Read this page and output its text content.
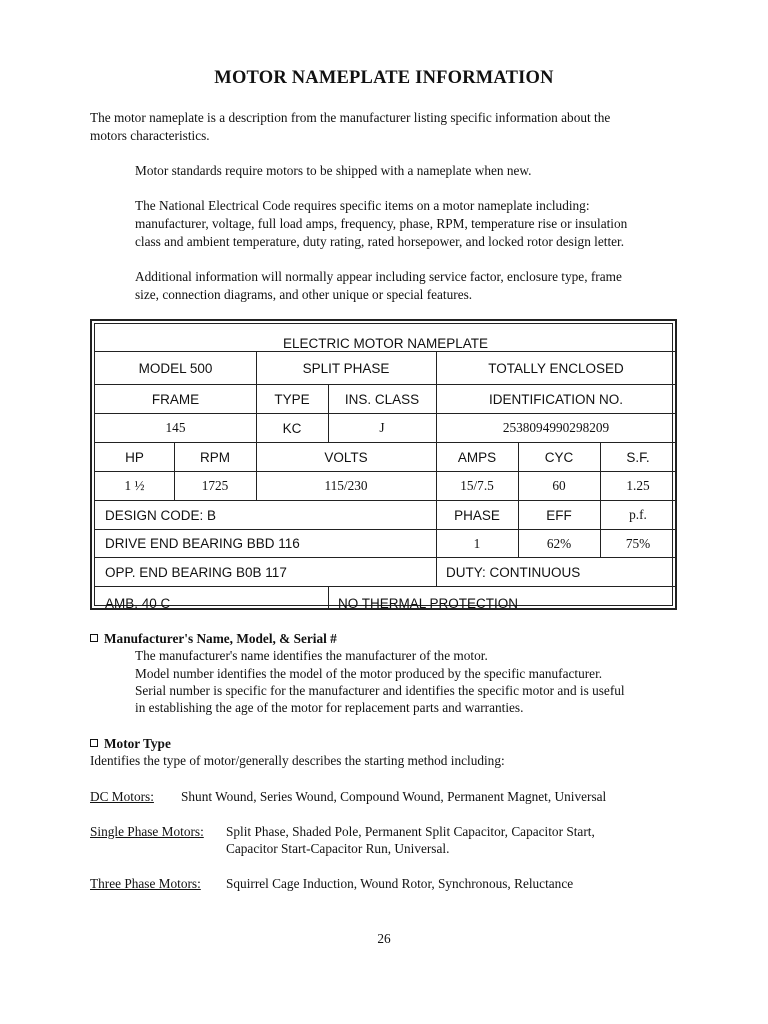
MOTOR NAMEPLATE INFORMATION

The motor nameplate is a description from the manufacturer listing specific information about the

motors characteristics.

Motor standards require motors to be shipped with a nameplate when new.

The National Electrical Code requires specific items on a motor nameplate including:

manufacturer, voltage, full load amps, frequency, phase, RPM, temperature rise or insulation

class and ambient temperature, duty rating, rated horsepower, and locked rotor design letter.

Additional information will normally appear including service factor, enclosure type, frame

size, connection diagrams, and other unique or special features.

ELECTRIC MOTOR NAMEPLATE
MODEL 500	SPLIT PHASE	TOTALLY ENCLOSED
FRAME	TYPE	INS. CLASS	IDENTIFICATION NO.
145	KC	J	2538094990298209
HP	RPM	VOLTS	AMPS	CYC	S.F.
1 ½	1725	115/230	15/7.5	60	1.25
DESIGN CODE: B	PHASE	EFF	p.f.
DRIVE END BEARING BBD 116	1	62%	75%
OPP. END BEARING B0B 117	DUTY: CONTINUOUS
AMB. 40 C	NO THERMAL PROTECTION

Manufacturer's Name, Model, & Serial #

The manufacturer's name identifies the manufacturer of the motor.

Model number identifies the model of the motor produced by the specific manufacturer.

Serial number is specific for the manufacturer and identifies the specific motor and is useful

in establishing the age of the motor for replacement parts and warranties.

Motor Type

Identifies the type of motor/generally describes the starting method including:

DC Motors: Shunt Wound, Series Wound, Compound Wound, Permanent Magnet, Universal

Single Phase Motors: Split Phase, Shaded Pole, Permanent Split Capacitor, Capacitor Start,

Capacitor Start-Capacitor Run, Universal.

Three Phase Motors: Squirrel Cage Induction, Wound Rotor, Synchronous, Reluctance

26
